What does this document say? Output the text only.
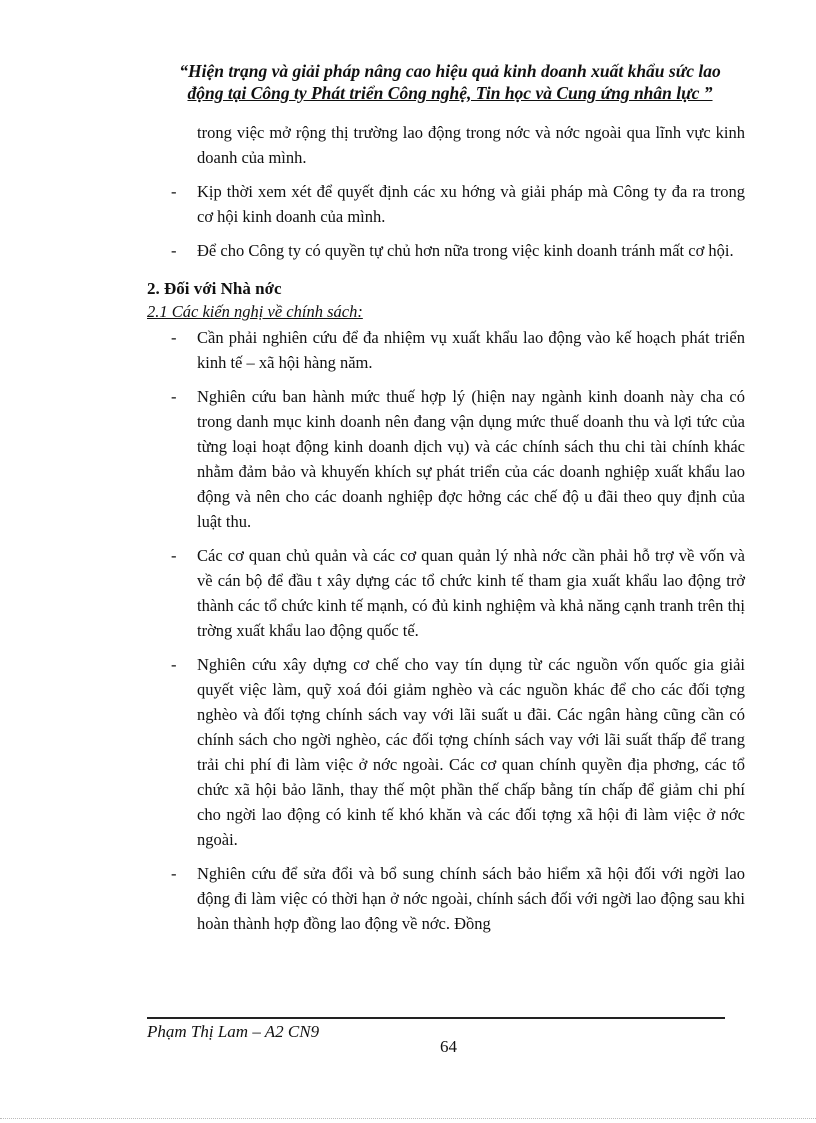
“Hiện trạng và giải pháp nâng cao hiệu quả kinh doanh xuất khẩu sức lao
động tại Công ty Phát triển Công nghệ, Tin học và Cung ứng nhân lực ”
trong việc mở rộng thị trường lao động trong nớc và nớc ngoài qua lĩnh vực kinh doanh của mình.
- Kịp thời xem xét để quyết định các xu hớng và giải pháp mà Công ty đa ra trong cơ hội kinh doanh của mình.
- Để cho Công ty có quyền tự chủ hơn nữa trong việc kinh doanh tránh mất cơ hội.
2. Đối với Nhà nớc
2.1 Các kiến nghị về chính sách:
- Cần phải nghiên cứu để đa nhiệm vụ xuất khẩu lao động vào kế hoạch phát triển kinh tế – xã hội hàng năm.
- Nghiên cứu ban hành mức thuế hợp lý (hiện nay ngành kinh doanh này cha có trong danh mục kinh doanh nên đang vận dụng mức thuế doanh thu và lợi tức của từng loại hoạt động kinh doanh dịch vụ) và các chính sách thu chi tài chính khác nhằm đảm bảo và khuyến khích sự phát triển của các doanh nghiệp xuất khẩu lao động và nên cho các doanh nghiệp đợc hởng các chế độ u đãi theo quy định của luật thu.
- Các cơ quan chủ quản và các cơ quan quản lý nhà nớc cần phải hỗ trợ về vốn và về cán bộ để đầu t xây dựng các tổ chức kinh tế tham gia xuất khẩu lao động trở thành các tổ chức kinh tế mạnh, có đủ kinh nghiệm và khả năng cạnh tranh trên thị trờng xuất khẩu lao động quốc tế.
- Nghiên cứu xây dựng cơ chế cho vay tín dụng từ các nguồn vốn quốc gia giải quyết việc làm, quỹ xoá đói giảm nghèo và các nguồn khác để cho các đối tợng nghèo và đối tợng chính sách vay với lãi suất u đãi. Các ngân hàng cũng cần có chính sách cho ngời nghèo, các đối tợng chính sách vay với lãi suất thấp để trang trải chi phí đi làm việc ở nớc ngoài. Các cơ quan chính quyền địa phơng, các tổ chức xã hội bảo lãnh, thay thế một phần thế chấp bằng tín chấp để giảm chi phí cho ngời lao động có kinh tế khó khăn và các đối tợng xã hội đi làm việc ở nớc ngoài.
- Nghiên cứu để sửa đổi và bổ sung chính sách bảo hiểm xã hội đối với ngời lao động đi làm việc có thời hạn ở nớc ngoài, chính sách đối với ngời lao động sau khi hoàn thành hợp đồng lao động về nớc. Đồng
Phạm Thị Lam – A2 CN9
64
